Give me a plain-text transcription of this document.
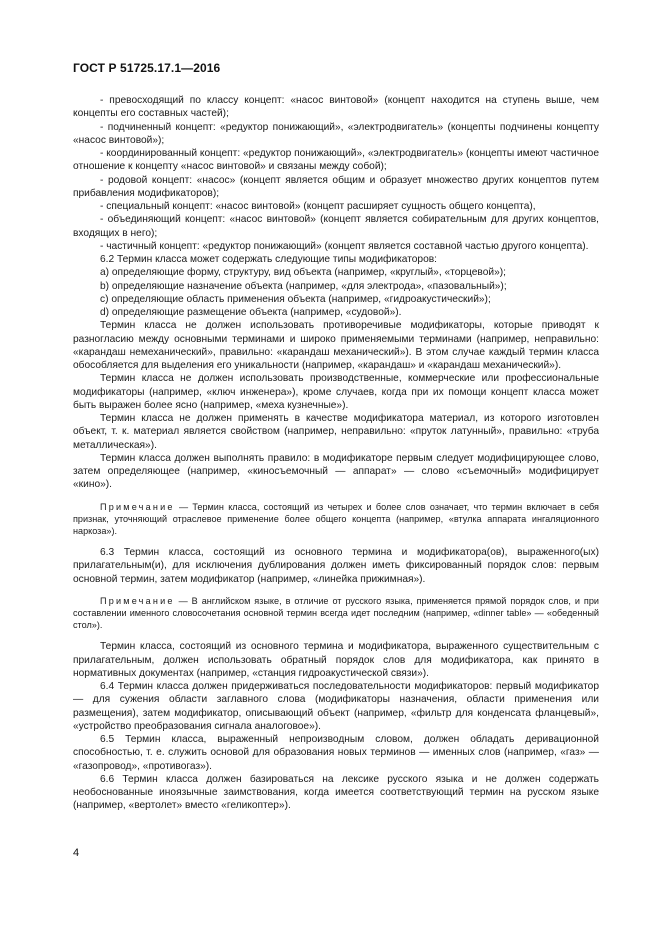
ГОСТ Р 51725.17.1—2016

- превосходящий по классу концепт: «насос винтовой» (концепт находится на ступень выше, чем концепты его составных частей);

- подчиненный концепт: «редуктор понижающий», «электродвигатель» (концепты подчинены концепту «насос винтовой»);

- координированный концепт: «редуктор понижающий», «электродвигатель» (концепты имеют частичное отношение к концепту «насос винтовой» и связаны между собой);

- родовой концепт: «насос» (концепт является общим и образует множество других концептов путем прибавления модификаторов);

- специальный концепт: «насос винтовой» (концепт расширяет сущность общего концепта),

- объединяющий концепт: «насос винтовой» (концепт является собирательным для других концептов, входящих в него);

- частичный концепт: «редуктор понижающий» (концепт является составной частью другого концепта).

6.2 Термин класса может содержать следующие типы модификаторов:

a) определяющие форму, структуру, вид объекта (например, «круглый», «торцевой»);

b) определяющие назначение объекта (например, «для электрода», «пазовальный»);

c) определяющие область применения объекта (например, «гидроакустический»);

d) определяющие размещение объекта (например, «судовой»).

Термин класса не должен использовать противоречивые модификаторы, которые приводят к разногласию между основными терминами и широко применяемыми терминами (например, неправильно: «карандаш немеханический», правильно: «карандаш механический»). В этом случае каждый термин класса обособляется для выделения его уникальности (например, «карандаш» и «карандаш механический»).

Термин класса не должен использовать производственные, коммерческие или профессиональные модификаторы (например, «ключ инженера»), кроме случаев, когда при их помощи концепт класса может быть выражен более ясно (например, «меха кузнечные»).

Термин класса не должен применять в качестве модификатора материал, из которого изготовлен объект, т. к. материал является свойством (например, неправильно: «пруток латунный», правильно: «труба металлическая»).

Термин класса должен выполнять правило: в модификаторе первым следует модифицирующее слово, затем определяющее (например, «киносъемочный — аппарат» — слово «съемочный» модифицирует «кино»).

Примечание — Термин класса, состоящий из четырех и более слов означает, что термин включает в себя признак, уточняющий отраслевое применение более общего концепта (например, «втулка аппарата ингаляционного наркоза»).

6.3 Термин класса, состоящий из основного термина и модификатора(ов), выраженного(ых) прилагательным(и), для исключения дублирования должен иметь фиксированный порядок слов: первым основной термин, затем модификатор (например, «линейка прижимная»).

Примечание — В английском языке, в отличие от русского языка, применяется прямой порядок слов, и при составлении именного словосочетания основной термин всегда идет последним (например, «dinner table» — «обеденный стол»).

Термин класса, состоящий из основного термина и модификатора, выраженного существительным с прилагательным, должен использовать обратный порядок слов для модификатора, как принято в нормативных документах (например, «станция гидроакустической связи»).

6.4 Термин класса должен придерживаться последовательности модификаторов: первый модификатор — для сужения области заглавного слова (модификаторы назначения, области применения или размещения), затем модификатор, описывающий объект (например, «фильтр для конденсата фланцевый», «устройство преобразования сигнала аналоговое»).

6.5 Термин класса, выраженный непроизводным словом, должен обладать деривационной способностью, т. е. служить основой для образования новых терминов — именных слов (например, «газ» — «газопровод», «противогаз»).

6.6 Термин класса должен базироваться на лексике русского языка и не должен содержать необоснованные иноязычные заимствования, когда имеется соответствующий термин на русском языке (например, «вертолет» вместо «геликоптер»).

4
